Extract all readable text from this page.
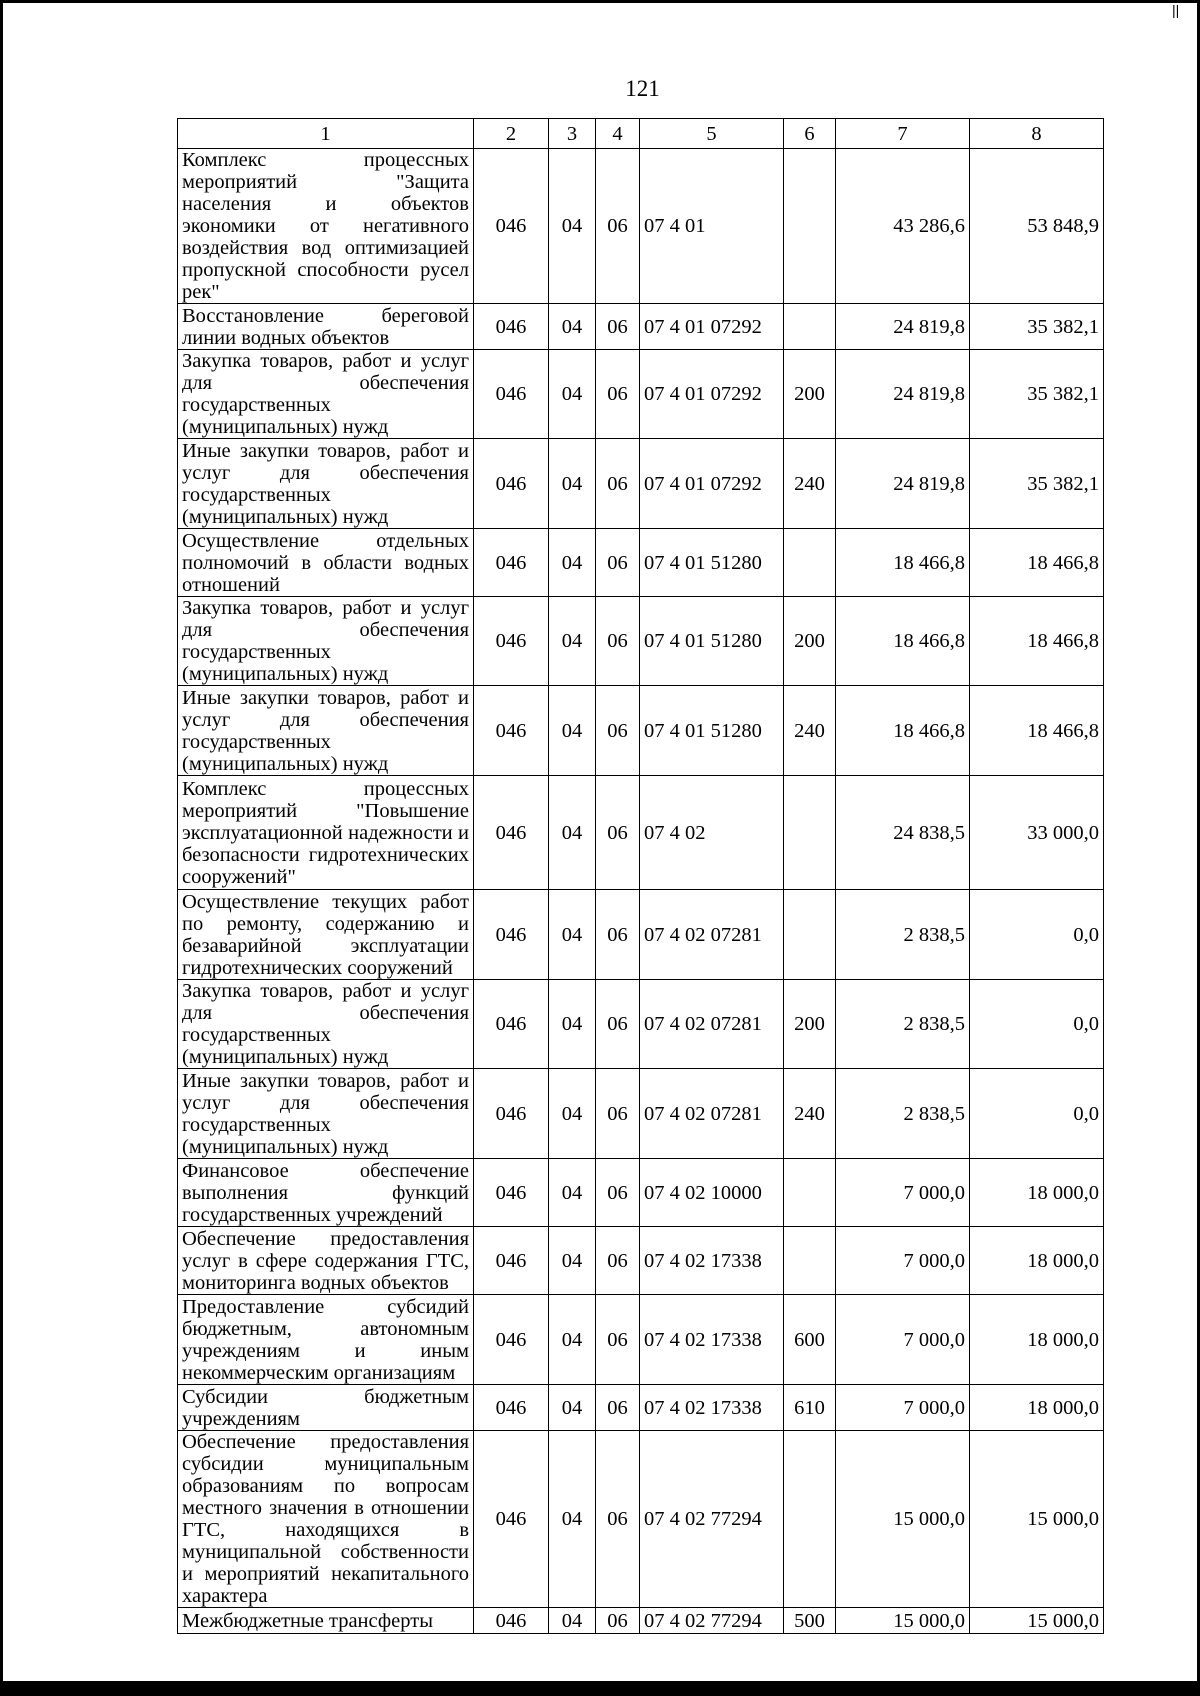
||
121
1	2	3	4	5	6	7	8
Комплекс процессных мероприятий "Защита населения и объектов экономики от негативного воздействия вод оптимизацией пропускной способности русел рек"	046	04	06	07 4 01		43 286,6	53 848,9
Восстановление береговой линии водных объектов	046	04	06	07 4 01 07292		24 819,8	35 382,1
Закупка товаров, работ и услуг для обеспечения государственных (муниципальных) нужд	046	04	06	07 4 01 07292	200	24 819,8	35 382,1
Иные закупки товаров, работ и услуг для обеспечения государственных (муниципальных) нужд	046	04	06	07 4 01 07292	240	24 819,8	35 382,1
Осуществление отдельных полномочий в области водных отношений	046	04	06	07 4 01 51280		18 466,8	18 466,8
Закупка товаров, работ и услуг для обеспечения государственных (муниципальных) нужд	046	04	06	07 4 01 51280	200	18 466,8	18 466,8
Иные закупки товаров, работ и услуг для обеспечения государственных (муниципальных) нужд	046	04	06	07 4 01 51280	240	18 466,8	18 466,8
Комплекс процессных мероприятий "Повышение эксплуатационной надежности и безопасности гидротехнических сооружений"	046	04	06	07 4 02		24 838,5	33 000,0
Осуществление текущих работ по ремонту, содержанию и безаварийной эксплуатации гидротехнических сооружений	046	04	06	07 4 02 07281		2 838,5	0,0
Закупка товаров, работ и услуг для обеспечения государственных (муниципальных) нужд	046	04	06	07 4 02 07281	200	2 838,5	0,0
Иные закупки товаров, работ и услуг для обеспечения государственных (муниципальных) нужд	046	04	06	07 4 02 07281	240	2 838,5	0,0
Финансовое обеспечение выполнения функций государственных учреждений	046	04	06	07 4 02 10000		7 000,0	18 000,0
Обеспечение предоставления услуг в сфере содержания ГТС, мониторинга водных объектов	046	04	06	07 4 02 17338		7 000,0	18 000,0
Предоставление субсидий бюджетным, автономным учреждениям и иным некоммерческим организациям	046	04	06	07 4 02 17338	600	7 000,0	18 000,0
Субсидии бюджетным учреждениям	046	04	06	07 4 02 17338	610	7 000,0	18 000,0
Обеспечение предоставления субсидии муниципальным образованиям по вопросам местного значения в отношении ГТС, находящихся в муниципальной собственности и мероприятий некапитального характера	046	04	06	07 4 02 77294		15 000,0	15 000,0
Межбюджетные трансферты	046	04	06	07 4 02 77294	500	15 000,0	15 000,0
